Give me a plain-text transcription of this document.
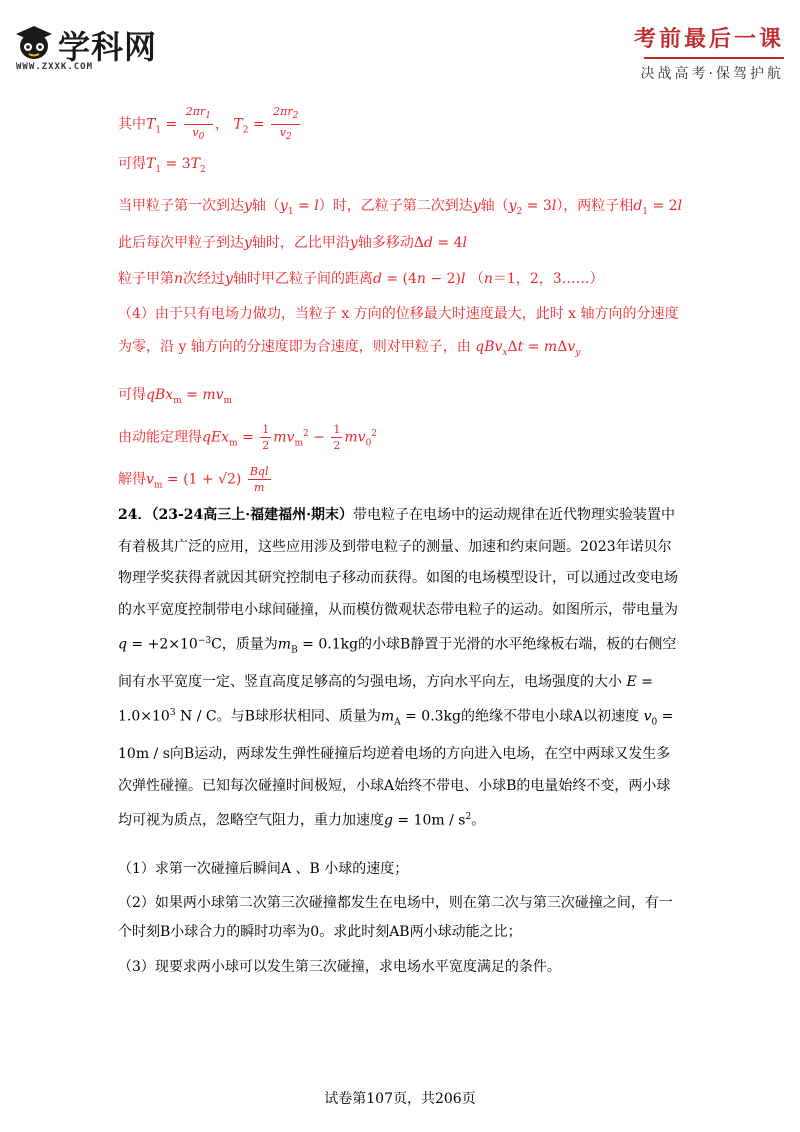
学科网
WWW.ZXXK.COM
考前最后一课
决战高考·保驾护航
其中$T_1 = \frac{2\pi r_1}{v_0}$ ， $T_2 = \frac{2\pi r_2}{v_2}$
可得$T_1 = 3T_2$
当甲粒子第一次到达y轴$(y_1 = l)$时，乙粒子第二次到达y轴$(y_2 = 3l)$，两粒子相$d_1 = 2l$
此后每次甲粒子到达y轴时，乙比甲沿y轴多移动Δd = 4l
粒子甲第n次经过y轴时甲乙粒子间的距离d = (4n − 2)l （n＝1，2，3……）
（4）由于只有电场力做功，当粒子 x 方向的位移最大时速度最大，此时 x 轴方向的分速度为零，沿 y 轴方向的分速度即为合速度，则对甲粒子，由 qBv$_x$Δt = mΔv$_y$
可得$qBx_m = mv_m$
由动能定理得$qEx_m = \frac{1}{2} mv_m^2 - \frac{1}{2} mv_0^2$
解得$v_m = (1 + √2) \frac{\text{Bql}}{m}$
24．（23-24高三上·福建福州·期末）带电粒子在电场中的运动规律在近代物理实验装置中有着极其广泛的应用，这些应用涉及到带电粒子的测量、加速和约束问题。2023年诺贝尔物理学奖获得者就因其研究控制电子移动而获得。如图的电场模型设计，可以通过改变电场的水平宽度控制带电小球间碰撞，从而模仿微观状态带电粒子的运动。如图所示，带电量为 $q = +2\times 10^{-3}C$，质量为$m_B = 0.1kg$的小球B静置于光滑的水平绝缘板右端，板的右侧空间有水平宽度一定、竖直高度足够高的匀强电场，方向水平向左，电场强度的大小 $E = 1.0\times 10^3$ N / C。与B球形状相同、质量为$m_A = 0.3kg$的绝缘不带电小球A以初速度 $v_0 = 10m / s$向B运动，两球发生弹性碰撞后均逆着电场的方向进入电场，在空中两球又发生多次弹性碰撞。已知每次碰撞时间极短，小球A始终不带电、小球B的电量始终不变，两小球均可视为质点，忽略空气阻力，重力加速度$g = 10m / s^2$。
（1）求第一次碰撞后瞬间A 、B 小球的速度；
（2）如果两小球第二次第三次碰撞都发生在电场中，则在第二次与第三次碰撞之间，有一个时刻B小球合力的瞬时功率为0。求此时刻AB两小球动能之比；
（3）现要求两小球可以发生第三次碰撞，求电场水平宽度满足的条件。
试卷第107页，共206页
